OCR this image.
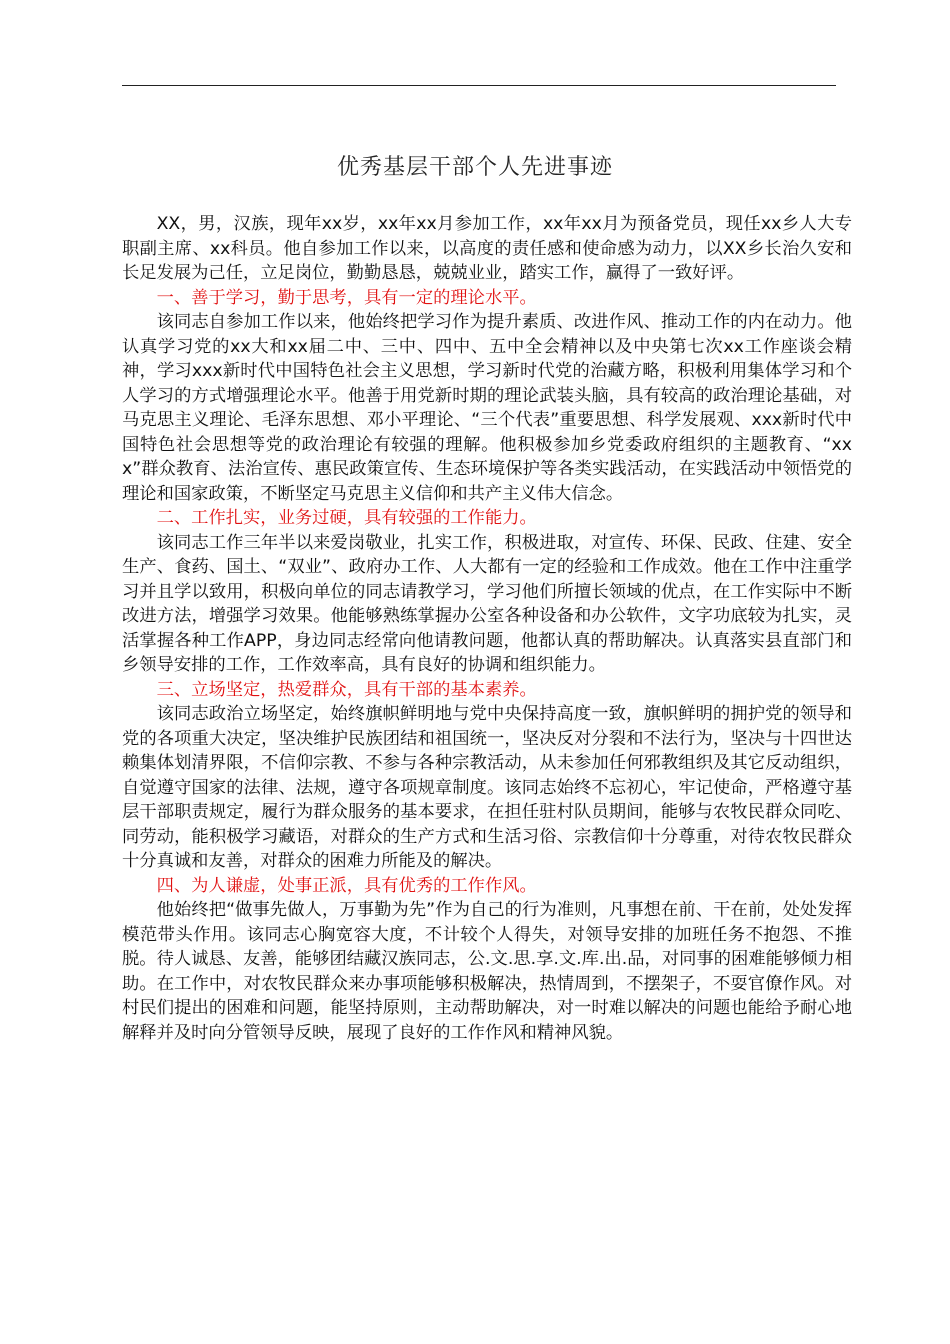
优秀基层干部个人先进事迹

XX，男，汉族，现年xx岁，xx年xx月参加工作，xx年xx月为预备党员，现任xx乡人大专职副主席、xx科员。他自参加工作以来，以高度的责任感和使命感为动力，以XX乡长治久安和长足发展为己任，立足岗位，勤勤恳恳，兢兢业业，踏实工作，赢得了一致好评。

一、善于学习，勤于思考，具有一定的理论水平。

该同志自参加工作以来，他始终把学习作为提升素质、改进作风、推动工作的内在动力。他认真学习党的xx大和xx届二中、三中、四中、五中全会精神以及中央第七次xx工作座谈会精神，学习xxx新时代中国特色社会主义思想，学习新时代党的治藏方略，积极利用集体学习和个人学习的方式增强理论水平。他善于用党新时期的理论武装头脑，具有较高的政治理论基础，对马克思主义理论、毛泽东思想、邓小平理论、“三个代表”重要思想、科学发展观、xxx新时代中国特色社会思想等党的政治理论有较强的理解。他积极参加乡党委政府组织的主题教育、“xxx”群众教育、法治宣传、惠民政策宣传、生态环境保护等各类实践活动，在实践活动中领悟党的理论和国家政策，不断坚定马克思主义信仰和共产主义伟大信念。

二、工作扎实，业务过硬，具有较强的工作能力。

该同志工作三年半以来爱岗敬业，扎实工作，积极进取，对宣传、环保、民政、住建、安全生产、食药、国土、“双业”、政府办工作、人大都有一定的经验和工作成效。他在工作中注重学习并且学以致用，积极向单位的同志请教学习，学习他们所擅长领域的优点，在工作实际中不断改进方法，增强学习效果。他能够熟练掌握办公室各种设备和办公软件，文字功底较为扎实，灵活掌握各种工作APP，身边同志经常向他请教问题，他都认真的帮助解决。认真落实县直部门和乡领导安排的工作，工作效率高，具有良好的协调和组织能力。

三、立场坚定，热爱群众，具有干部的基本素养。

该同志政治立场坚定，始终旗帜鲜明地与党中央保持高度一致，旗帜鲜明的拥护党的领导和党的各项重大决定，坚决维护民族团结和祖国统一，坚决反对分裂和不法行为，坚决与十四世达赖集体划清界限，不信仰宗教、不参与各种宗教活动，从未参加任何邪教组织及其它反动组织，自觉遵守国家的法律、法规，遵守各项规章制度。该同志始终不忘初心，牢记使命，严格遵守基层干部职责规定，履行为群众服务的基本要求，在担任驻村队员期间，能够与农牧民群众同吃、同劳动，能积极学习藏语，对群众的生产方式和生活习俗、宗教信仰十分尊重，对待农牧民群众十分真诚和友善，对群众的困难力所能及的解决。

四、为人谦虚，处事正派，具有优秀的工作作风。

他始终把“做事先做人，万事勤为先”作为自己的行为准则，凡事想在前、干在前，处处发挥模范带头作用。该同志心胸宽容大度，不计较个人得失，对领导安排的加班任务不抱怨、不推脱。待人诚恳、友善，能够团结藏汉族同志，公.文.思.享.文.库.出.品，对同事的困难能够倾力相助。在工作中，对农牧民群众来办事项能够积极解决，热情周到，不摆架子，不耍官僚作风。对村民们提出的困难和问题，能坚持原则，主动帮助解决，对一时难以解决的问题也能给予耐心地解释并及时向分管领导反映，展现了良好的工作作风和精神风貌。
